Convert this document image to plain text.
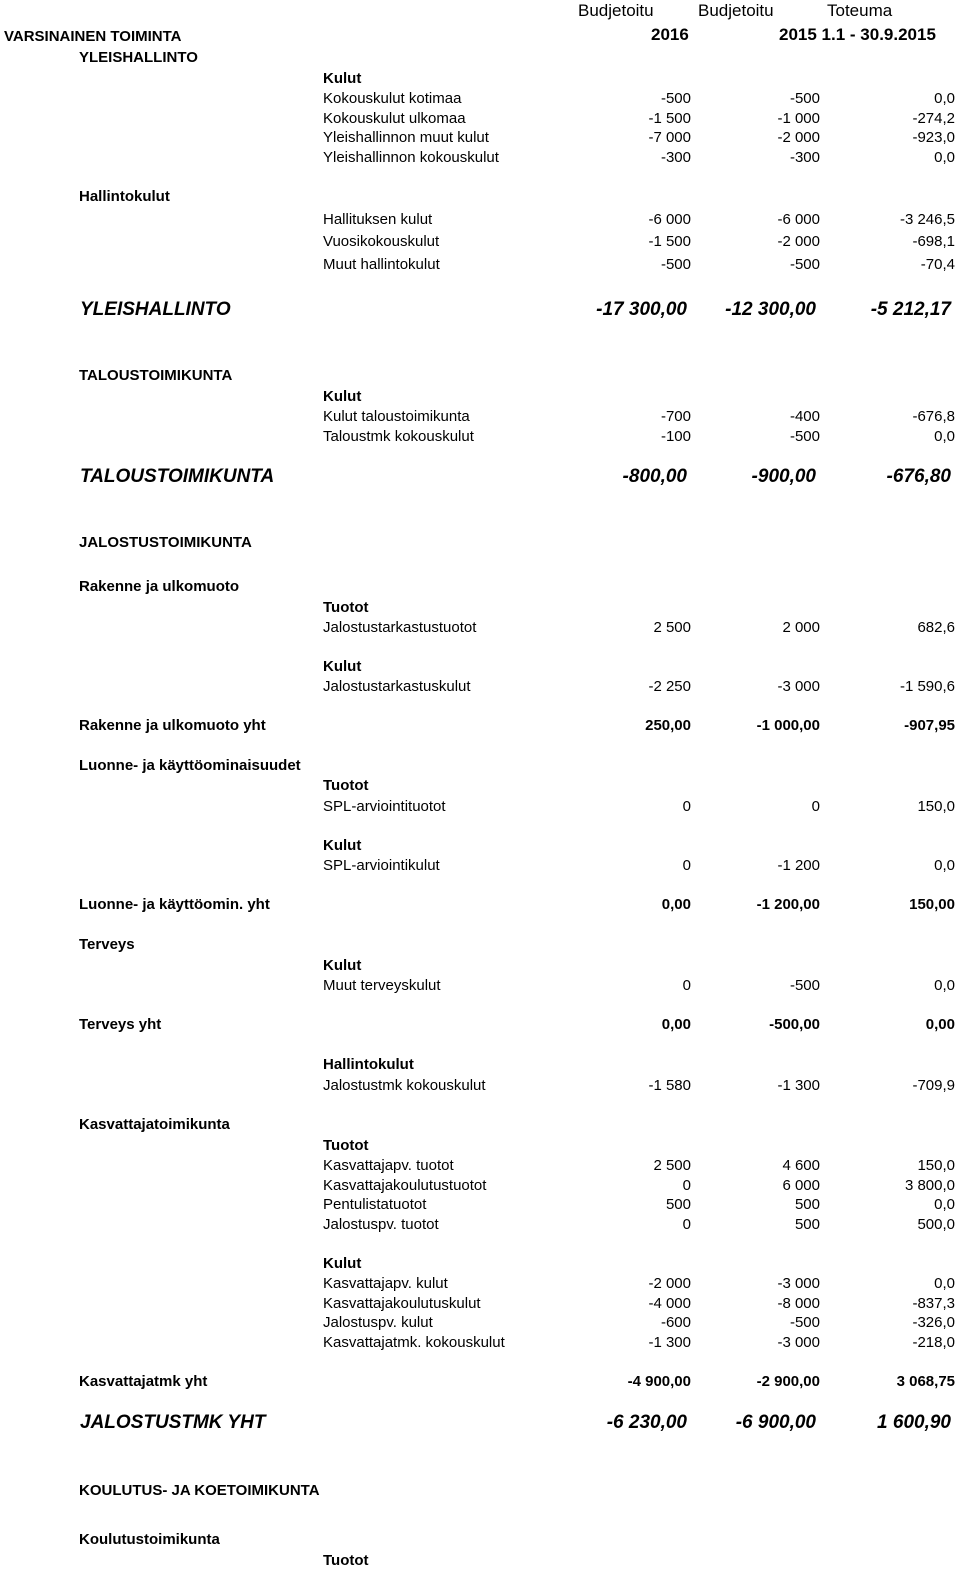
Budjetoitu	Budjetoitu	Toteuma
VARSINAINEN TOIMINTA	2016	2015 1.1 - 30.9.2015
YLEISHALLINTO
Kulut
Kokouskulut kotimaa	-500	-500	0,0
Kokouskulut ulkomaa	-1 500	-1 000	-274,2
Yleishallinnon muut kulut	-7 000	-2 000	-923,0
Yleishallinnon kokouskulut	-300	-300	0,0
Hallintokulut
Hallituksen kulut	-6 000	-6 000	-3 246,5
Vuosikokouskulut	-1 500	-2 000	-698,1
Muut hallintokulut	-500	-500	-70,4
YLEISHALLINTO	-17 300,00	-12 300,00	-5 212,17
TALOUSTOIMIKUNTA
Kulut
Kulut taloustoimikunta	-700	-400	-676,8
Taloustmk kokouskulut	-100	-500	0,0
TALOUSTOIMIKUNTA	-800,00	-900,00	-676,80
JALOSTUSTOIMIKUNTA
Rakenne ja ulkomuoto
Tuotot
Jalostustarkastustuotot	2 500	2 000	682,6
Kulut
Jalostustarkastuskulut	-2 250	-3 000	-1 590,6
Rakenne ja ulkomuoto yht	250,00	-1 000,00	-907,95
Luonne- ja käyttöominaisuudet
Tuotot
SPL-arviointituotot	0	0	150,0
Kulut
SPL-arviointikulut	0	-1 200	0,0
Luonne- ja käyttöomin. yht	0,00	-1 200,00	150,00
Terveys
Kulut
Muut terveyskulut	0	-500	0,0
Terveys yht	0,00	-500,00	0,00
Hallintokulut
Jalostustmk kokouskulut	-1 580	-1 300	-709,9
Kasvattajatoimikunta
Tuotot
Kasvattajapv. tuotot	2 500	4 600	150,0
Kasvattajakoulutustuotot	0	6 000	3 800,0
Pentulistatuotot	500	500	0,0
Jalostuspv. tuotot	0	500	500,0
Kulut
Kasvattajapv. kulut	-2 000	-3 000	0,0
Kasvattajakoulutuskulut	-4 000	-8 000	-837,3
Jalostuspv. kulut	-600	-500	-326,0
Kasvattajatmk. kokouskulut	-1 300	-3 000	-218,0
Kasvattajatmk yht	-4 900,00	-2 900,00	3 068,75
JALOSTUSTMK YHT	-6 230,00	-6 900,00	1 600,90
KOULUTUS- JA KOETOIMIKUNTA
Koulutustoimikunta
Tuotot
